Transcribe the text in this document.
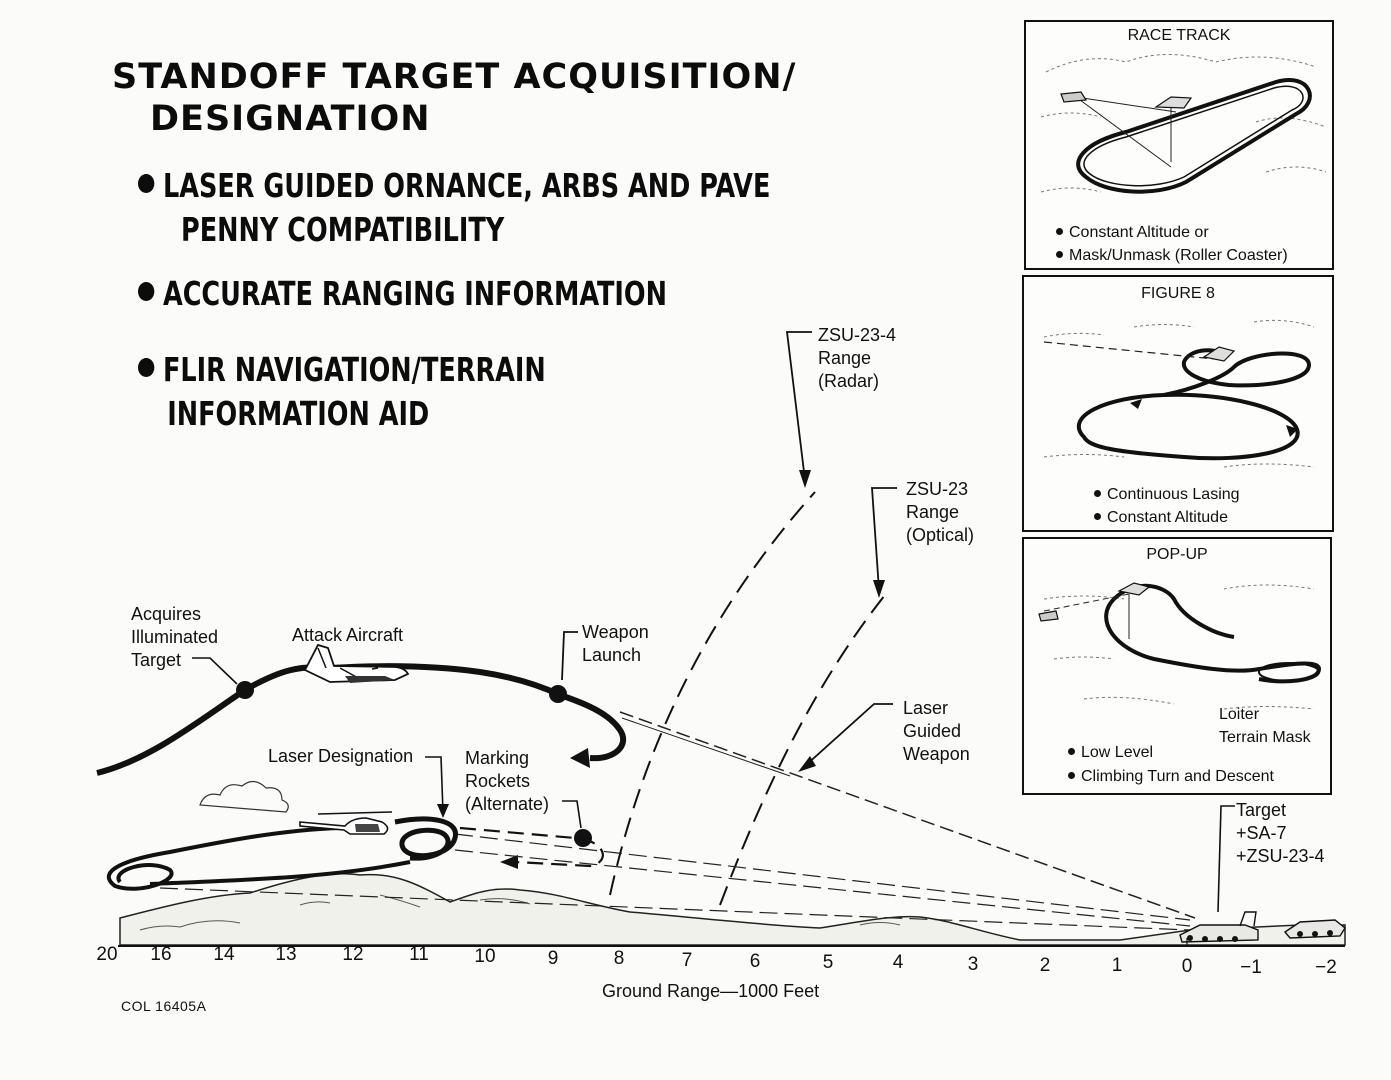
STANDOFF TARGET ACQUISITION/
DESIGNATION
LASER GUIDED ORNANCE, ARBS AND PAVE
PENNY COMPATIBILITY
ACCURATE RANGING INFORMATION
FLIR NAVIGATION/TERRAIN
INFORMATION AID
ZSU-23-4
Range
(Radar)
ZSU-23
Range
(Optical)
Acquires
Illuminated
Target
Attack Aircraft	Weapon
Launch
Laser
Guided
Weapon
Laser Designation	Marking
Rockets
(Alternate)	Target
+SA-7
+ZSU-23-4
20	16	14	13	12	11	10	9	8	7	6	5	4	3	2	1	0	−1	−2
Ground Range—1000 Feet
COL 16405A
RACE TRACK
Constant Altitude or
Mask/Unmask (Roller Coaster)
FIGURE 8
Continuous Lasing
Constant Altitude
POP-UP
Loiter
Terrain Mask
Low Level
Climbing Turn and Descent
